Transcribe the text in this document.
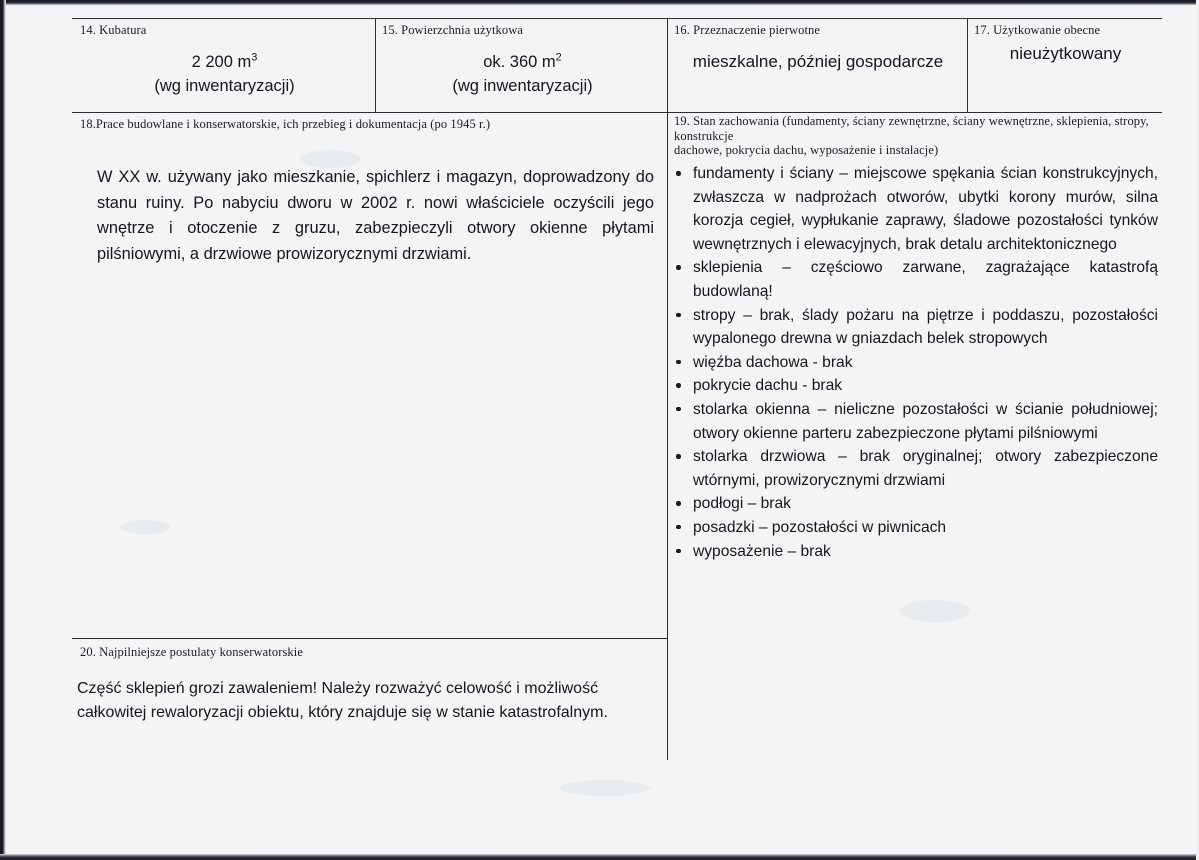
14. Kubatura
2 200 $m^3$
(wg inwentaryzacji)
15. Powierzchnia użytkowa
ok. 360 $m^2$
(wg inwentaryzacji)
16. Przeznaczenie pierwotne
mieszkalne, później gospodarcze
17. Użytkowanie obecne
nieużytkowany
18.Prace budowlane i konserwatorskie, ich przebieg i dokumentacja (po 1945 r.)
W XX w. używany jako mieszkanie, spichlerz i magazyn, doprowadzony do stanu ruiny. Po nabyciu dworu w 2002 r. nowi właściciele oczyścili jego wnętrze i otoczenie z gruzu, zabezpieczyli otwory okienne płytami pilśniowymi, a drzwiowe prowizorycznymi drzwiami.
19. Stan zachowania (fundamenty, ściany zewnętrzne, ściany wewnętrzne, sklepienia, stropy, konstrukcje
dachowe, pokrycia dachu, wyposażenie i instalacje)
fundamenty i ściany – miejscowe spękania ścian konstrukcyjnych, zwłaszcza w nadprożach otworów, ubytki korony murów, silna korozja cegieł, wypłukanie zaprawy, śladowe pozostałości tynków wewnętrznych i elewacyjnych, brak detalu architektonicznego
sklepienia – częściowo zarwane, zagrażające katastrofą budowlaną!
stropy – brak, ślady pożaru na piętrze i poddaszu, pozostałości wypalonego drewna w gniazdach belek stropowych
więźba dachowa - brak
pokrycie dachu - brak
stolarka okienna – nieliczne pozostałości w ścianie południowej; otwory okienne parteru zabezpieczone płytami pilśniowymi
stolarka drzwiowa – brak oryginalnej; otwory zabezpieczone wtórnymi, prowizorycznymi drzwiami
podłogi – brak
posadzki – pozostałości w piwnicach
wyposażenie – brak
20. Najpilniejsze postulaty konserwatorskie
Część sklepień grozi zawaleniem! Należy rozważyć celowość i możliwość całkowitej rewaloryzacji obiektu, który znajduje się w stanie katastrofalnym.
